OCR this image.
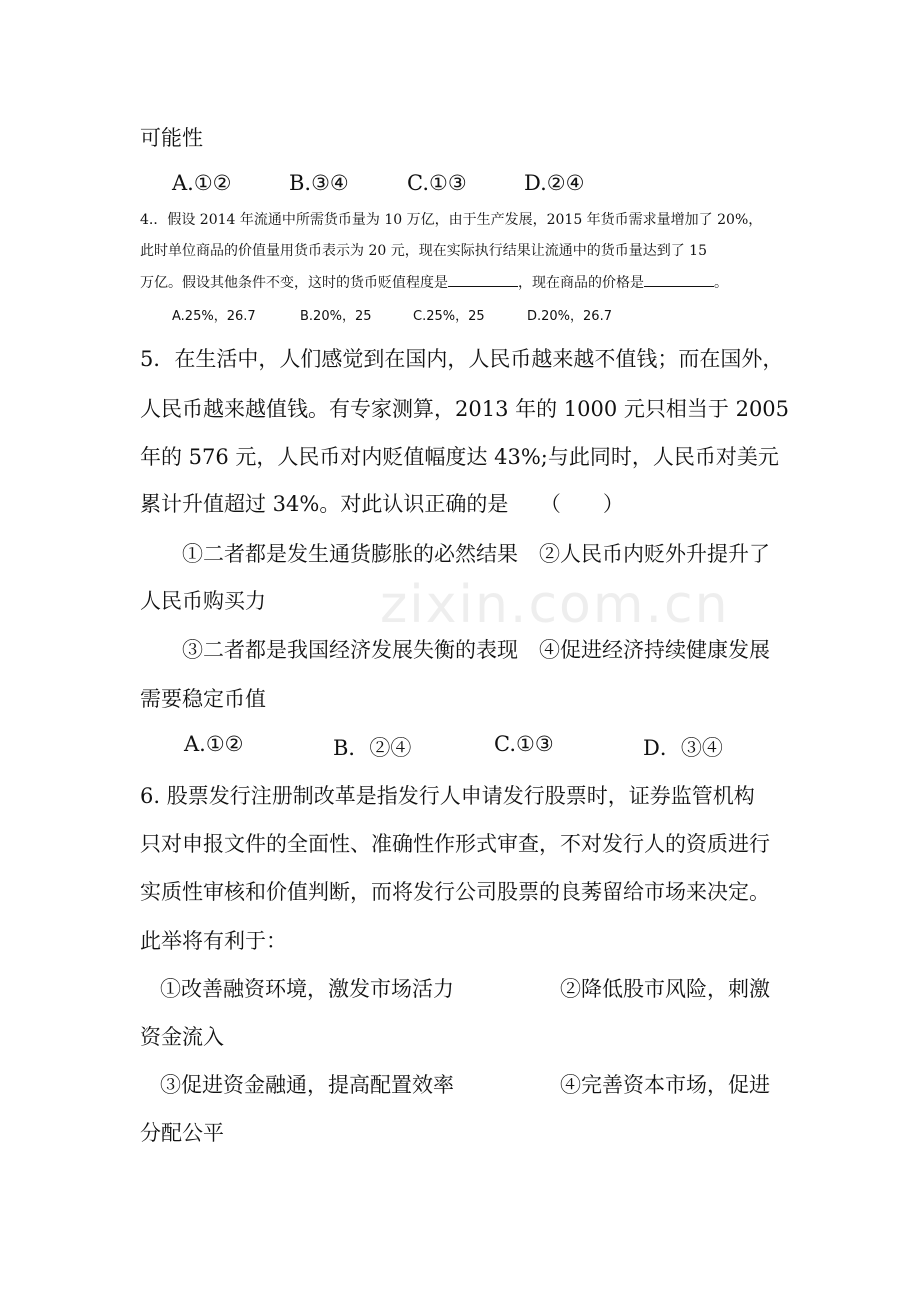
zixin.com.cn
可能性
A.①②	B.③④	C.①③	D.②④
4.．假设 2014 年流通中所需货币量为 10 万亿，由于生产发展，2015 年货币需求量增加了 20%，
此时单位商品的价值量用货币表示为 20 元，现在实际执行结果让流通中的货币量达到了 15
万亿。假设其他条件不变，这时的货币贬值程度是	，现在商品的价格是	。
A.25%，26.7	B.20%，25	C.25%，25	D.20%，26.7
5．在生活中，人们感觉到在国内，人民币越来越不值钱；而在国外，
人民币越来越值钱。有专家测算，2013 年的 1000 元只相当于 2005
年的 576 元，人民币对内贬值幅度达 43%;与此同时，人民币对美元
累计升值超过 34%。对此认识正确的是　　（　　）
①二者都是发生通货膨胀的必然结果　②人民币内贬外升提升了
人民币购买力
③二者都是我国经济发展失衡的表现　④促进经济持续健康发展
需要稳定币值
A.①②	B．②④	C.①③	D．③④
6. 股票发行注册制改革是指发行人申请发行股票时，证券监管机构
只对申报文件的全面性、准确性作形式审查，不对发行人的资质进行
实质性审核和价值判断，而将发行公司股票的良莠留给市场来决定。
此举将有利于：
①改善融资环境，激发市场活力	②降低股市风险，刺激
资金流入
③促进资金融通，提高配置效率	④完善资本市场，促进
分配公平
